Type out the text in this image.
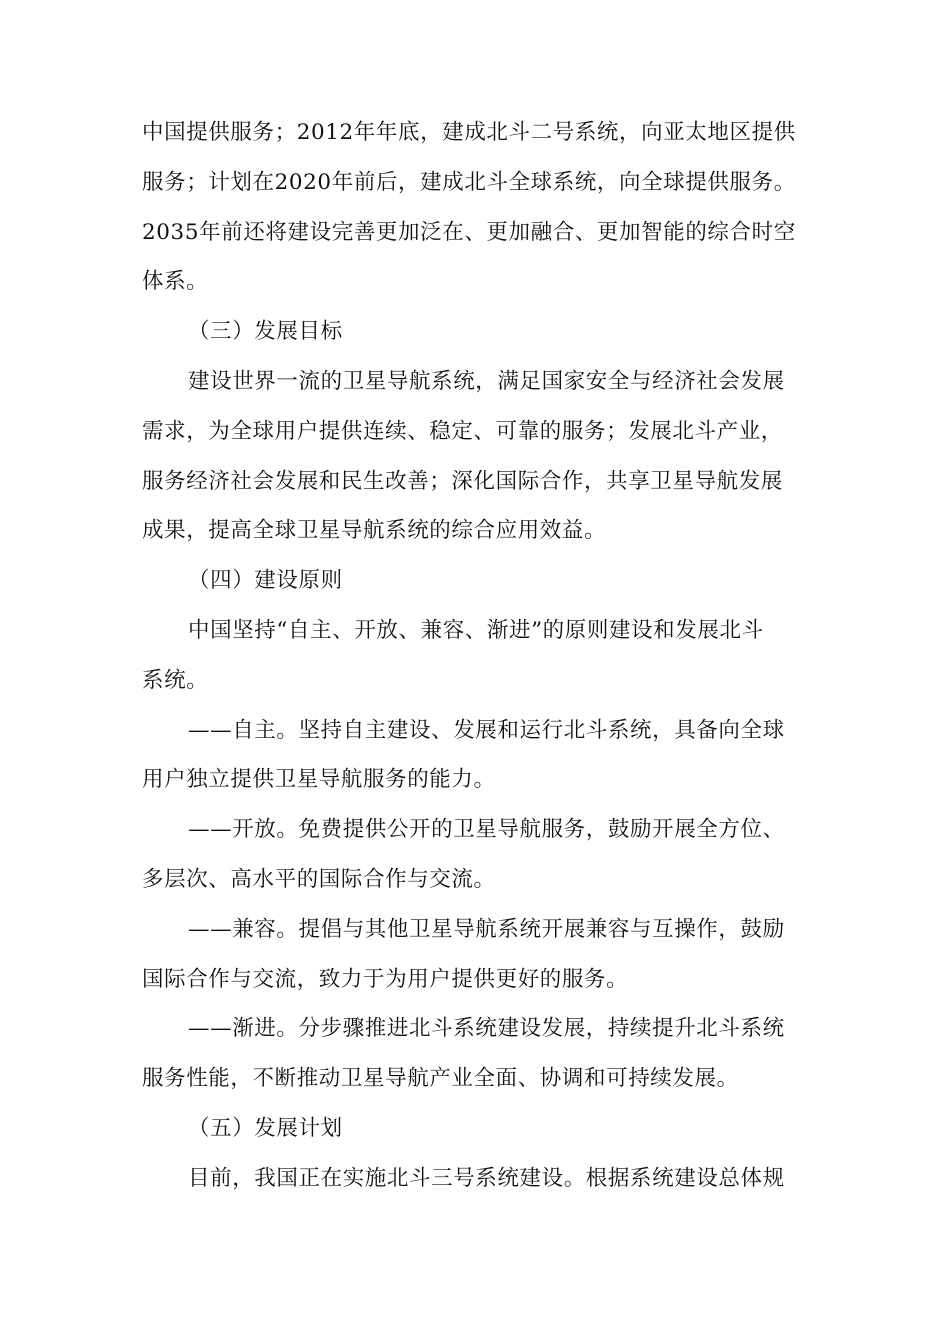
中国提供服务；2012年年底，建成北斗二号系统，向亚太地区提供
服务；计划在2020年前后，建成北斗全球系统，向全球提供服务。
2035年前还将建设完善更加泛在、更加融合、更加智能的综合时空
体系。
（三）发展目标
建设世界一流的卫星导航系统，满足国家安全与经济社会发展
需求，为全球用户提供连续、稳定、可靠的服务；发展北斗产业，
服务经济社会发展和民生改善；深化国际合作，共享卫星导航发展
成果，提高全球卫星导航系统的综合应用效益。
（四）建设原则
中国坚持“自主、开放、兼容、渐进”的原则建设和发展北斗
系统。
——自主。坚持自主建设、发展和运行北斗系统，具备向全球
用户独立提供卫星导航服务的能力。
——开放。免费提供公开的卫星导航服务，鼓励开展全方位、
多层次、高水平的国际合作与交流。
——兼容。提倡与其他卫星导航系统开展兼容与互操作，鼓励
国际合作与交流，致力于为用户提供更好的服务。
——渐进。分步骤推进北斗系统建设发展，持续提升北斗系统
服务性能，不断推动卫星导航产业全面、协调和可持续发展。
（五）发展计划
目前，我国正在实施北斗三号系统建设。根据系统建设总体规
